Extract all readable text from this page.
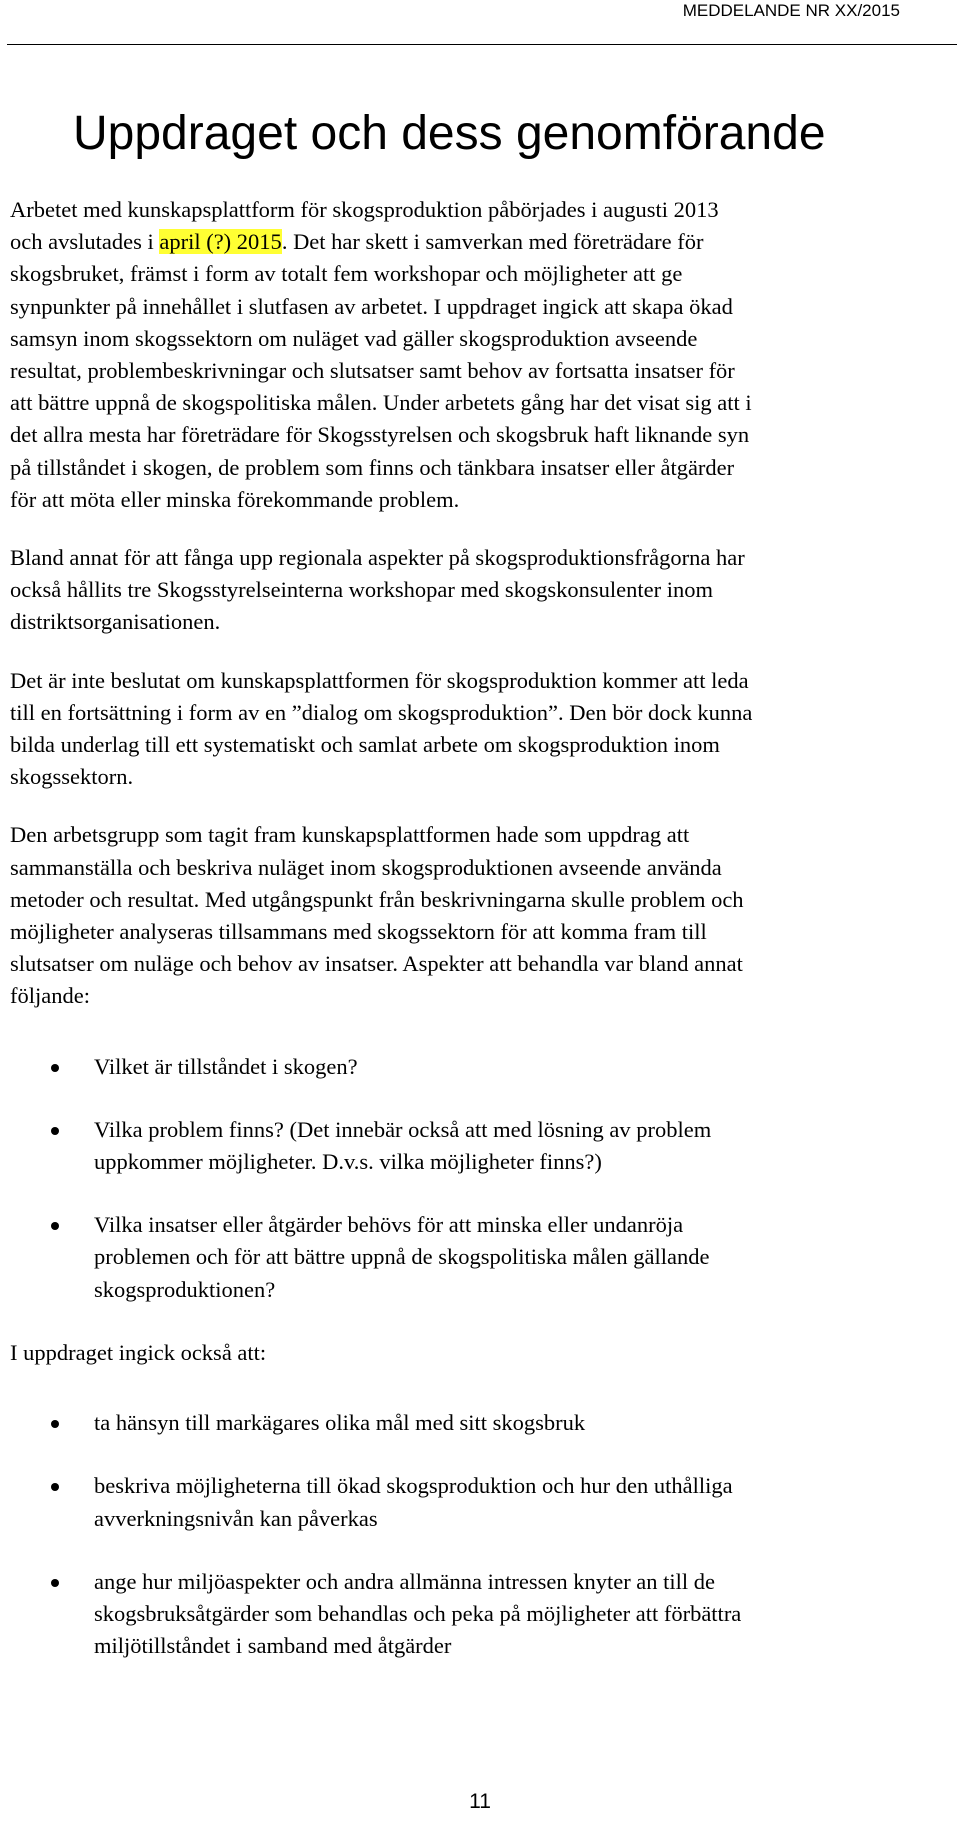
MEDDELANDE NR XX/2015
Uppdraget och dess genomförande

Arbetet med kunskapsplattform för skogsproduktion påbörjades i augusti 2013
och avslutades i april (?) 2015. Det har skett i samverkan med företrädare för
skogsbruket, främst i form av totalt fem workshopar och möjligheter att ge
synpunkter på innehållet i slutfasen av arbetet. I uppdraget ingick att skapa ökad
samsyn inom skogssektorn om nuläget vad gäller skogsproduktion avseende
resultat, problembeskrivningar och slutsatser samt behov av fortsatta insatser för
att bättre uppnå de skogspolitiska målen. Under arbetets gång har det visat sig att i
det allra mesta har företrädare för Skogsstyrelsen och skogsbruk haft liknande syn
på tillståndet i skogen, de problem som finns och tänkbara insatser eller åtgärder
för att möta eller minska förekommande problem.

Bland annat för att fånga upp regionala aspekter på skogsproduktionsfrågorna har
också hållits tre Skogsstyrelseinterna workshopar med skogskonsulenter inom
distriktsorganisationen.

Det är inte beslutat om kunskapsplattformen för skogsproduktion kommer att leda
till en fortsättning i form av en ”dialog om skogsproduktion”. Den bör dock kunna
bilda underlag till ett systematiskt och samlat arbete om skogsproduktion inom
skogssektorn.

Den arbetsgrupp som tagit fram kunskapsplattformen hade som uppdrag att
sammanställa och beskriva nuläget inom skogsproduktionen avseende använda
metoder och resultat. Med utgångspunkt från beskrivningarna skulle problem och
möjligheter analyseras tillsammans med skogssektorn för att komma fram till
slutsatser om nuläge och behov av insatser. Aspekter att behandla var bland annat
följande:

Vilket är tillståndet i skogen?
Vilka problem finns? (Det innebär också att med lösning av problem
uppkommer möjligheter. D.v.s. vilka möjligheter finns?)
Vilka insatser eller åtgärder behövs för att minska eller undanröja
problemen och för att bättre uppnå de skogspolitiska målen gällande
skogsproduktionen?

I uppdraget ingick också att:

ta hänsyn till markägares olika mål med sitt skogsbruk
beskriva möjligheterna till ökad skogsproduktion och hur den uthålliga
avverkningsnivån kan påverkas
ange hur miljöaspekter och andra allmänna intressen knyter an till de
skogsbruksåtgärder som behandlas och peka på möjligheter att förbättra
miljötillståndet i samband med åtgärder
11
